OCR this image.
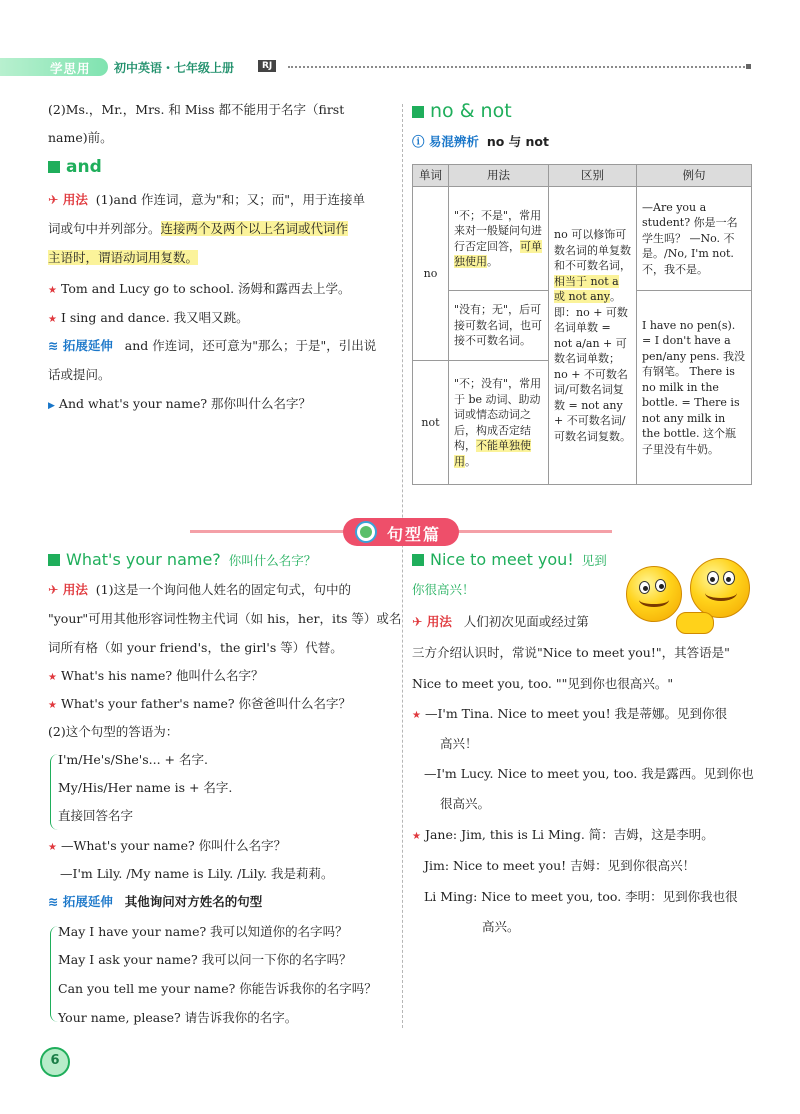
学思用 初中英语・七年级上册	RJ
(2)Ms.，Mr.，Mrs. 和 Miss 都不能用于名字（first
name)前。
and
✈ 用法 (1)and 作连词，意为"和；又；而"，用于连接单
词或句中并列部分。连接两个及两个以上名词或代词作
主语时，谓语动词用复数。
★ Tom and Lucy go to school. 汤姆和露西去上学。
★ I sing and dance. 我又唱又跳。
≋ 拓展延伸 and 作连词，还可意为"那么；于是"，引出说
话或提问。
▶ And what's your name? 那你叫什么名字？
no & not
ⓘ 易混辨析 no 与 not
单词	用法	区别	例句
no	"不；不是"，常用来对一般疑问句进行否定回答，可单独使用。	no 可以修饰可数名词的单复数和不可数名词，相当于 not a 或 not any。即：no + 可数名词单数 = not a/an + 可数名词单数；no + 不可数名词/可数名词复数 = not any + 不可数名词/可数名词复数。	—Are you a student? 你是一名学生吗？ —No. 不是。/No, I'm not. 不，我不是。
	"没有；无"，后可接可数名词，也可接不可数名词。		I have no pen(s). = I don't have a pen/any pens. 我没有钢笔。 There is no milk in the bottle. = There is not any milk in the bottle. 这个瓶子里没有牛奶。
not	"不；没有"，常用于 be 动词、助动词或情态动词之后，构成否定结构，不能单独使用。		
句型篇
What's your name? 你叫什么名字？
✈ 用法 (1)这是一个询问他人姓名的固定句式，句中的
"your"可用其他形容词性物主代词（如 his，her，its 等）或名
词所有格（如 your friend's，the girl's 等）代替。
★ What's his name? 他叫什么名字？
★ What's your father's name? 你爸爸叫什么名字？
(2)这个句型的答语为：
I'm/He's/She's... + 名字.
My/His/Her name is + 名字.
直接回答名字
★ —What's your name? 你叫什么名字？
—I'm Lily. /My name is Lily. /Lily. 我是莉莉。
≋ 拓展延伸 其他询问对方姓名的句型
May I have your name? 我可以知道你的名字吗？
May I ask your name? 我可以问一下你的名字吗？
Can you tell me your name? 你能告诉我你的名字吗？
Your name, please? 请告诉我你的名字。
Nice to meet you! 见到
你很高兴！
✈ 用法 人们初次见面或经过第
三方介绍认识时，常说"Nice to meet you!"，其答语是"
Nice to meet you, too. ""见到你也很高兴。"
★ —I'm Tina. Nice to meet you! 我是蒂娜。见到你很
高兴！
—I'm Lucy. Nice to meet you, too. 我是露西。见到你也
很高兴。
★ Jane: Jim, this is Li Ming. 简：吉姆，这是李明。
Jim: Nice to meet you! 吉姆：见到你很高兴！
Li Ming: Nice to meet you, too. 李明：见到你我也很
高兴。
6
